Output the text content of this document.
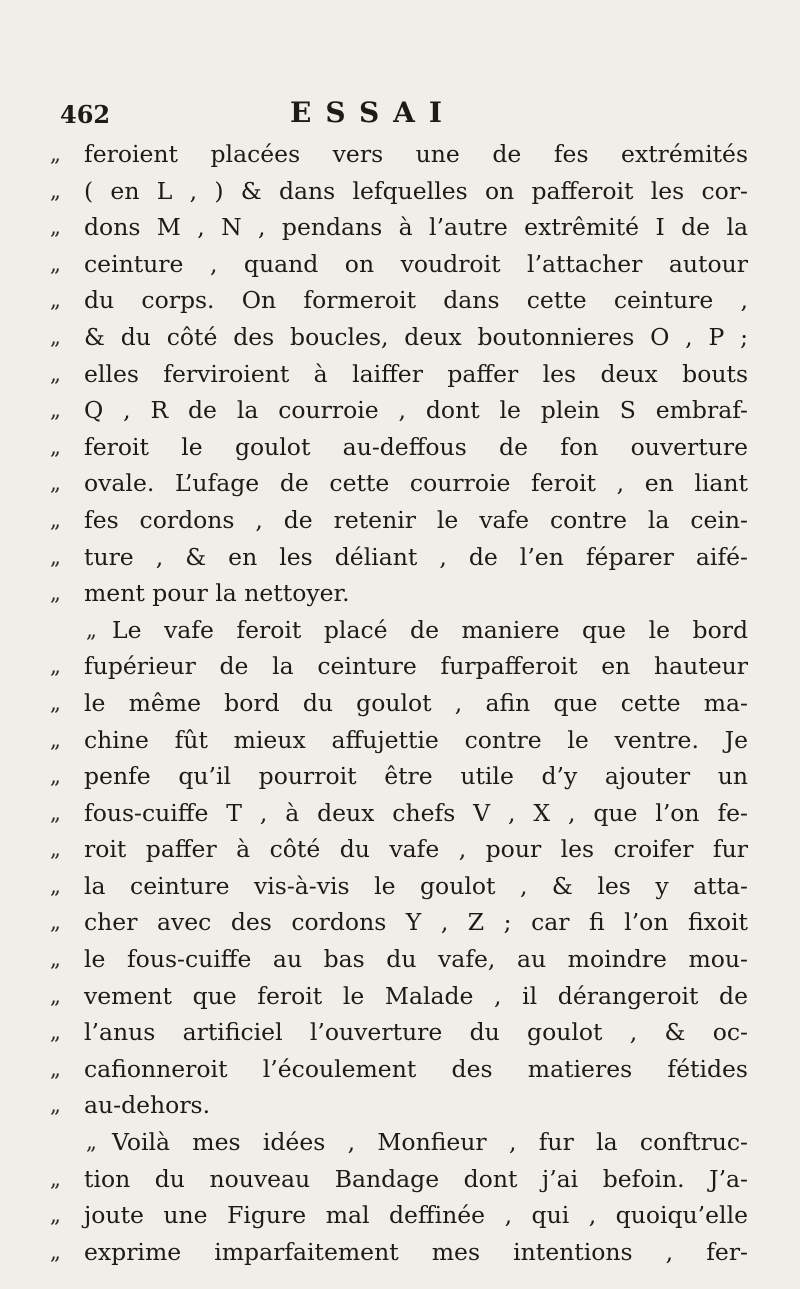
462	ESSAI
„ feroient placées vers une de fes extrémités
„ ( en L , ) & dans lefquelles on pafferoit les cor-
„ dons M , N , pendans à l’autre extrêmité I de la
„ ceinture , quand on voudroit l’attacher autour
„ du corps. On formeroit dans cette ceinture ,
„ & du côté des boucles, deux boutonnieres O , P ;
„ elles ferviroient à laiffer paffer les deux bouts
„ Q , R de la courroie , dont le plein S embraf-
„ feroit le goulot au-deffous de fon ouverture
„ ovale. L’ufage de cette courroie feroit , en liant
„ fes cordons , de retenir le vafe contre la cein-
„ ture , & en les déliant , de l’en féparer aifé-
„ ment pour la nettoyer.
„ Le vafe feroit placé de maniere que le bord
„ fupérieur de la ceinture furpafferoit en hauteur
„ le même bord du goulot , afin que cette ma-
„ chine fût mieux affujettie contre le ventre. Je
„ penfe qu’il pourroit être utile d’y ajouter un
„ fous-cuiffe T , à deux chefs V , X , que l’on fe-
„ roit paffer à côté du vafe , pour les croifer fur
„ la ceinture vis-à-vis le goulot , & les y atta-
„ cher avec des cordons Y , Z ; car fi l’on fixoit
„ le fous-cuiffe au bas du vafe, au moindre mou-
„ vement que feroit le Malade , il dérangeroit de
„ l’anus artificiel l’ouverture du goulot , & oc-
„ cafionneroit l’écoulement des matieres fétides
„ au-dehors.
„ Voilà mes idées , Monfieur , fur la conftruc-
„ tion du nouveau Bandage dont j’ai befoin. J’a-
„ joute une Figure mal deffinée , qui , quoiqu’elle
„ exprime imparfaitement mes intentions , fer-
